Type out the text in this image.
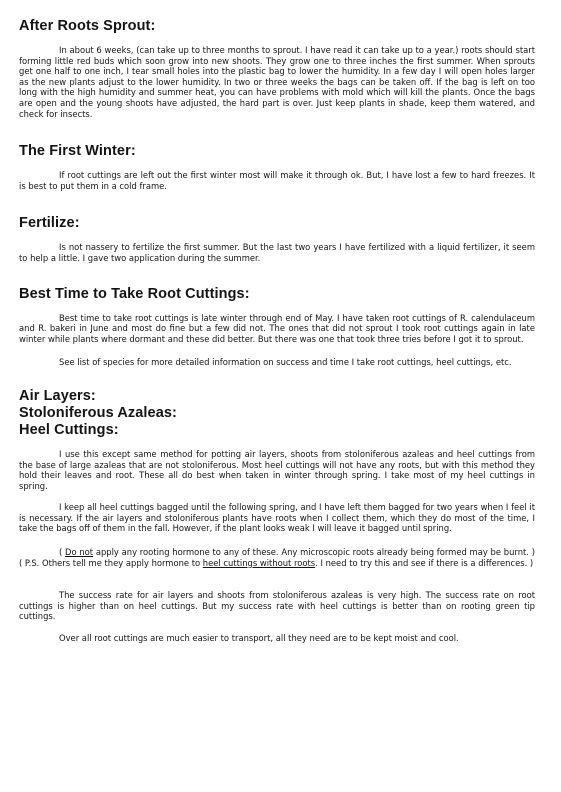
After Roots Sprout:

In about 6 weeks, (can take up to three months to sprout. I have read it can take up to a year.) roots should start forming little red buds which soon grow into new shoots. They grow one to three inches the first summer. When sprouts get one half to one inch, I tear small holes into the plastic bag to lower the humidity. In a few day I will open holes larger as the new plants adjust to the lower humidity. In two or three weeks the bags can be taken off. If the bag is left on too long with the high humidity and summer heat, you can have problems with mold which will kill the plants. Once the bags are open and the young shoots have adjusted, the hard part is over. Just keep plants in shade, keep them watered, and check for insects.

The First Winter:

If root cuttings are left out the first winter most will make it through ok. But, I have lost a few to hard freezes. It is best to put them in a cold frame.

Fertilize:

Is not nassery to fertilize the first summer. But the last two years I have fertilized with a liquid fertilizer, it seem to help a little. I gave two application during the summer.

Best Time to Take Root Cuttings:

Best time to take root cuttings is late winter through end of May. I have taken root cuttings of R. calendulaceum and R. bakeri in June and most do fine but a few did not. The ones that did not sprout I took root cuttings again in late winter while plants where dormant and these did better. But there was one that took three tries before I got it to sprout.

See list of species for more detailed information on success and time I take root cuttings, heel cuttings, etc.

Air Layers:
Stoloniferous Azaleas:
Heel Cuttings:

I use this except same method for potting air layers, shoots from stoloniferous azaleas and heel cuttings from the base of large azaleas that are not stoloniferous. Most heel cuttings will not have any roots, but with this method they hold their leaves and root. These all do best when taken in winter through spring. I take most of my heel cuttings in spring.

I keep all heel cuttings bagged until the following spring, and I have left them bagged for two years when I feel it is necessary. If the air layers and stoloniferous plants have roots when I collect them, which they do most of the time, I take the bags off of them in the fall. However, if the plant looks weak I will leave it bagged until spring.

( Do not apply any rooting hormone to any of these. Any microscopic roots already being formed may be burnt. ) ( P.S. Others tell me they apply hormone to heel cuttings without roots. I need to try this and see if there is a differences. )

The success rate for air layers and shoots from stoloniferous azaleas is very high. The success rate on root cuttings is higher than on heel cuttings. But my success rate with heel cuttings is better than on rooting green tip cuttings.

Over all root cuttings are much easier to transport, all they need are to be kept moist and cool.
